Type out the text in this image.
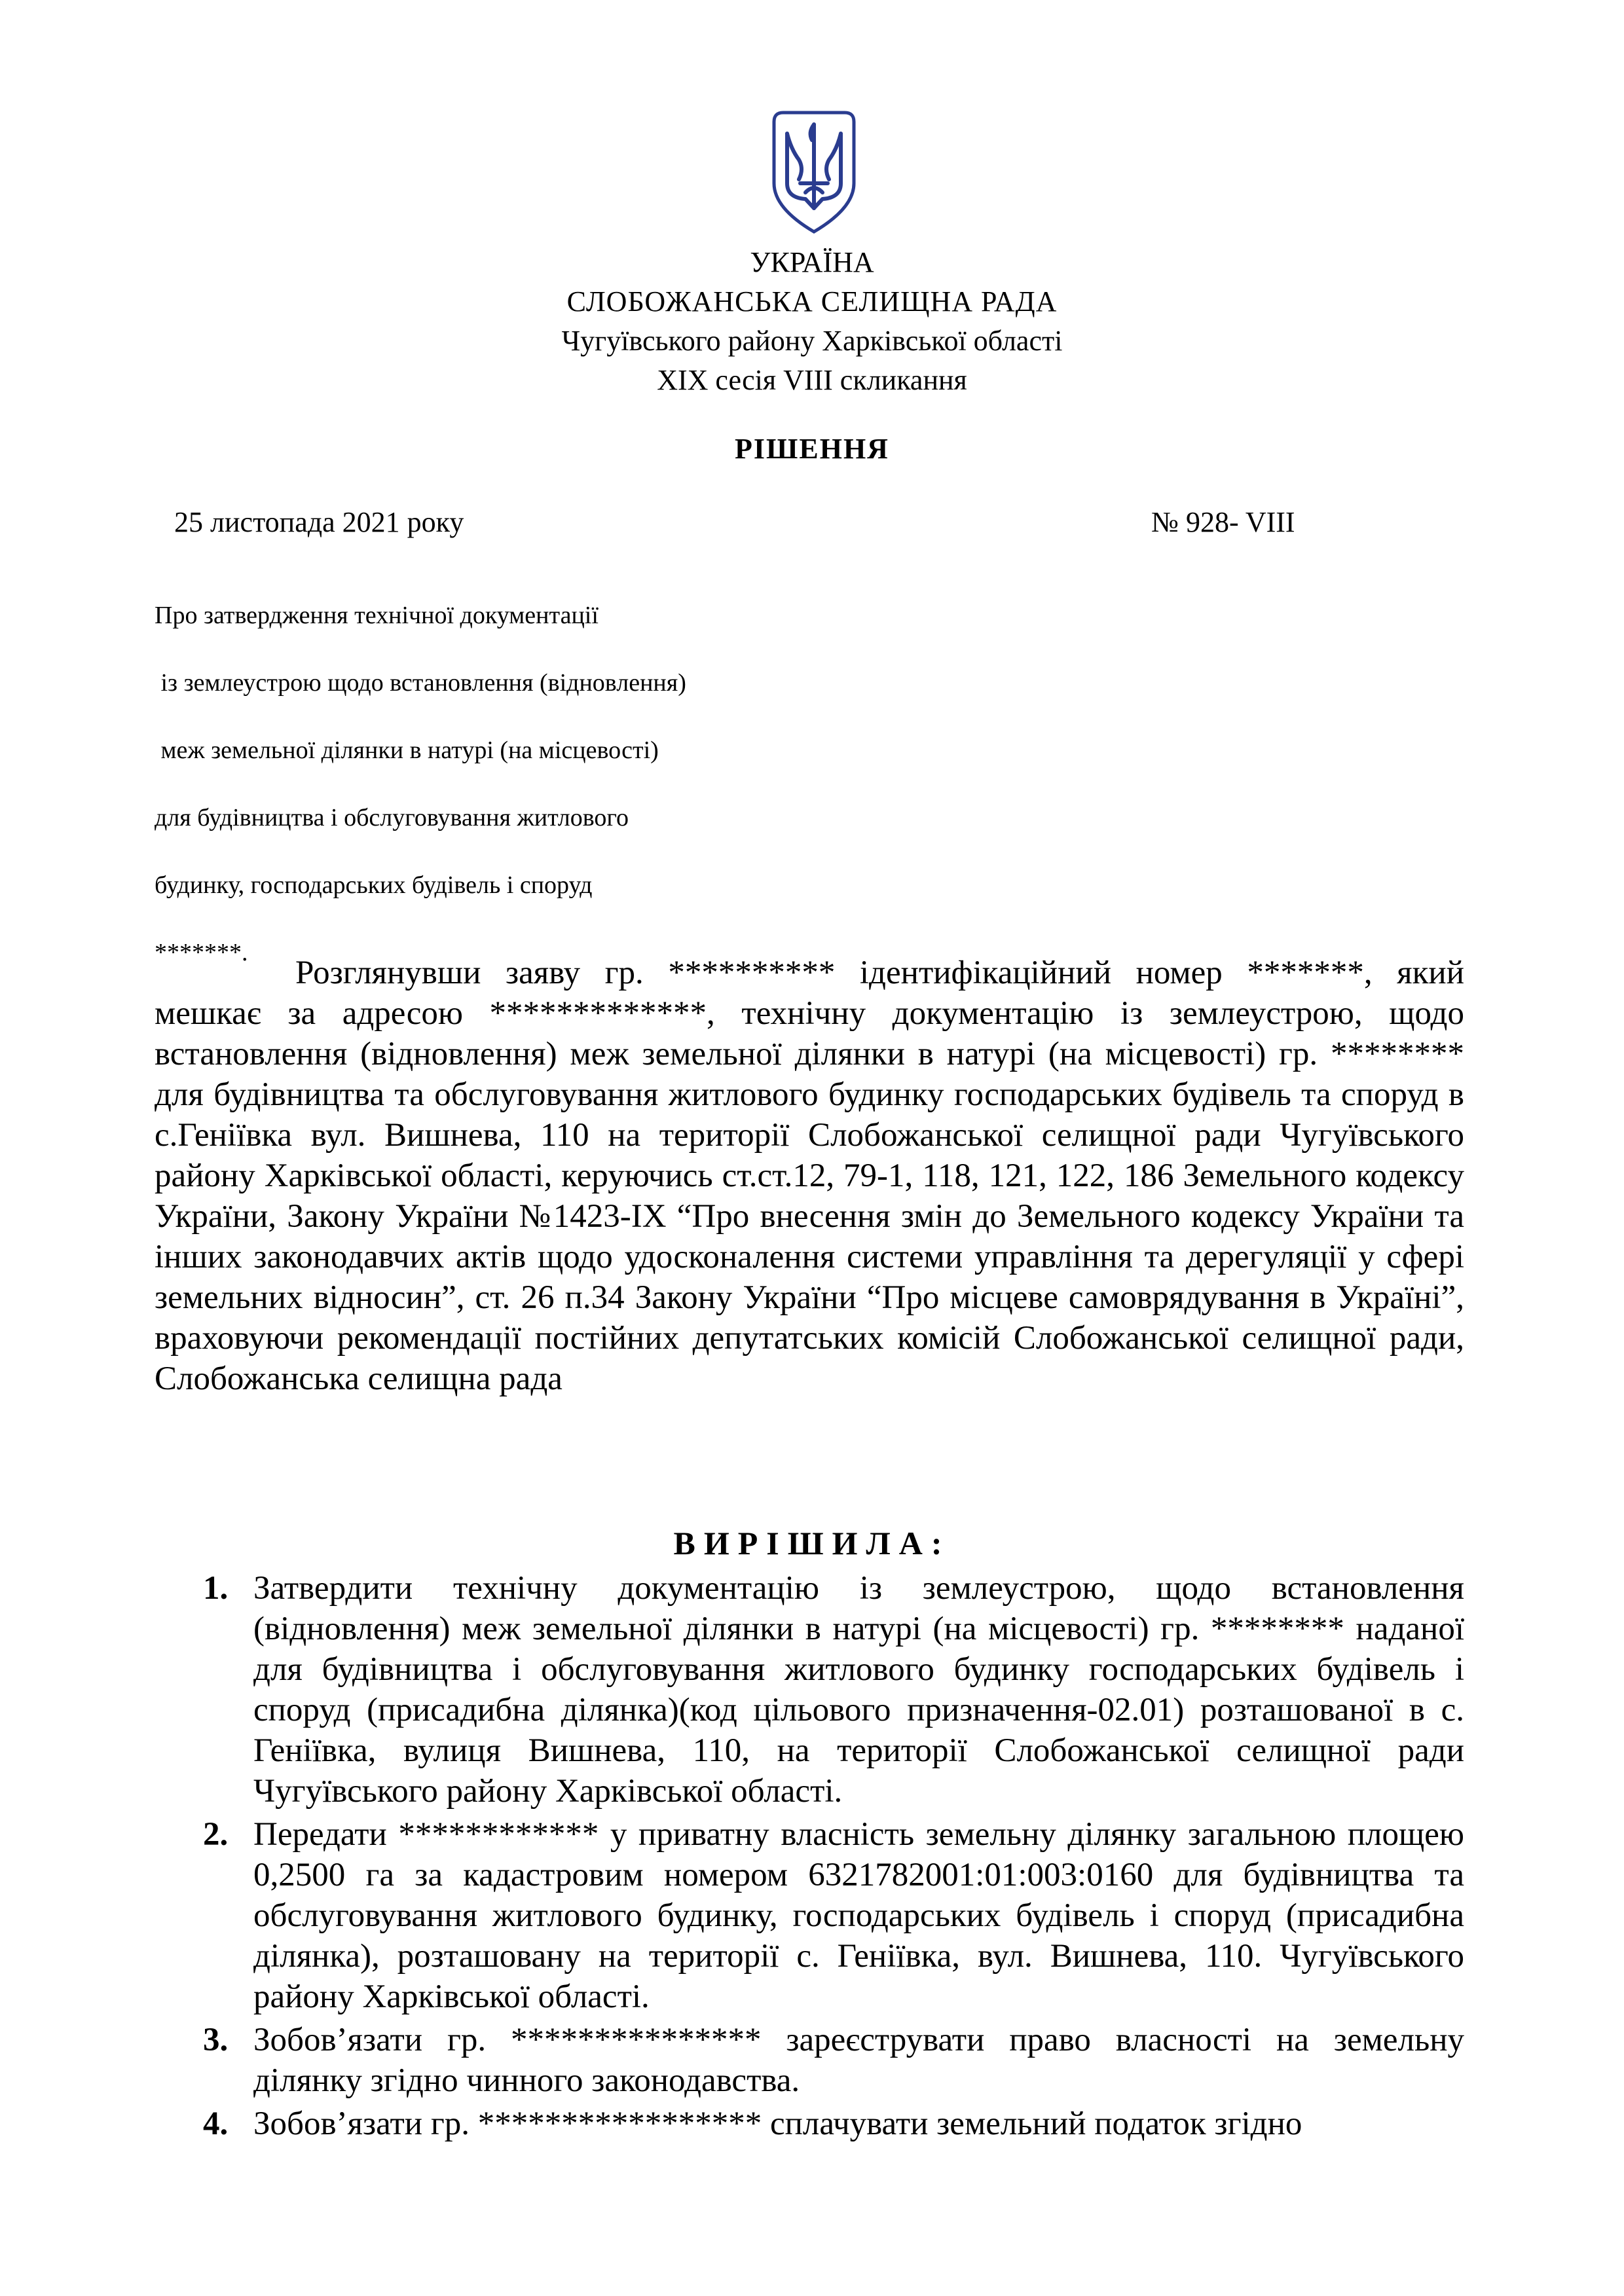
УКРАЇНА
СЛОБОЖАНСЬКА СЕЛИЩНА РАДА
Чугуївського району Харківської області
XIX сесія VIII скликання
РІШЕННЯ
25 листопада 2021 року	№ 928- VIII
Про затвердження технічної документації
із землеустрою щодо встановлення (відновлення)
меж земельної ділянки в натурі (на місцевості)
для будівництва і обслуговування житлового
будинку, господарських будівель і споруд
*******.
Розглянувши заяву гр. ********** ідентифікаційний номер *******, який мешкає за адресою *************, технічну документацію із землеустрою, щодо встановлення (відновлення) меж земельної ділянки в натурі (на місцевості) гр. ******** для будівництва та обслуговування житлового будинку господарських будівель та споруд в с.Геніївка вул. Вишнева, 110 на території Слобожанської селищної ради Чугуївського району Харківської області, керуючись ст.ст.12, 79-1, 118, 121, 122, 186 Земельного кодексу України, Закону України №1423-IX “Про внесення змін до Земельного кодексу України та інших законодавчих актів щодо удосконалення системи управління та дерегуляції у сфері земельних відносин”, ст. 26 п.34 Закону України “Про місцеве самоврядування в Україні”, враховуючи рекомендації постійних депутатських комісій Слобожанської селищної ради, Слобожанська селищна рада
ВИРІШИЛА:
1. Затвердити технічну документацію із землеустрою, щодо встановлення (відновлення) меж земельної ділянки в натурі (на місцевості) гр. ******** наданої для будівництва і обслуговування житлового будинку господарських будівель і споруд (присадибна ділянка)(код цільового призначення-02.01) розташованої в с. Геніївка, вулиця Вишнева, 110, на території Слобожанської селищної ради Чугуївського району Харківської області.
2. Передати ************ у приватну власність земельну ділянку загальною площею 0,2500 га за кадастровим номером 6321782001:01:003:0160 для будівництва та обслуговування житлового будинку, господарських будівель і споруд (присадибна ділянка), розташовану на території с. Геніївка, вул. Вишнева, 110. Чугуївського району Харківської області.
3. Зобов’язати гр. *************** зареєструвати право власності на земельну ділянку згідно чинного законодавства.
4. Зобов’язати гр. ***************** сплачувати земельний податок згідно
